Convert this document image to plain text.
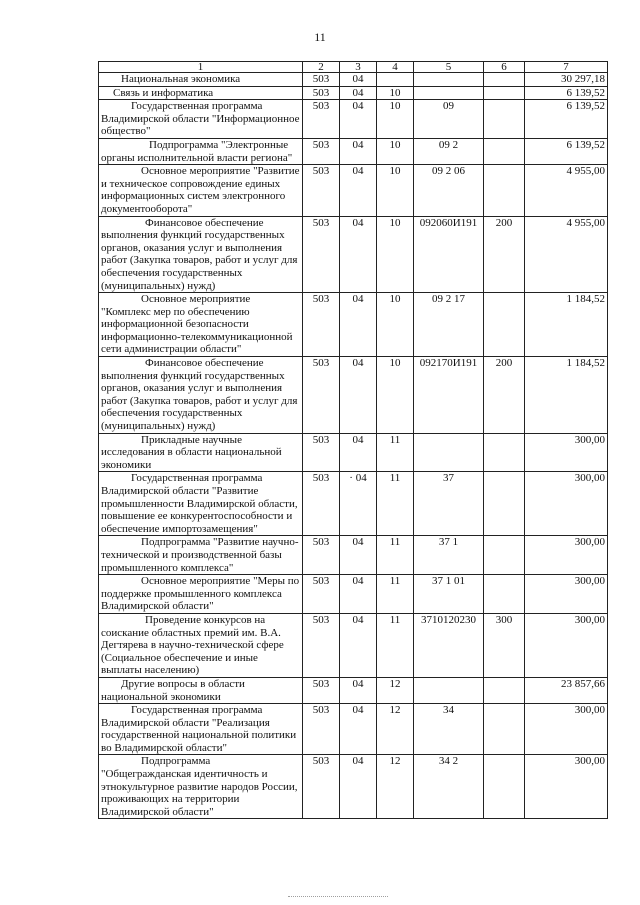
11
1	2	3	4	5	6	7
Национальная экономика	503	04				30 297,18
Связь и информатика	503	04	10			6 139,52
Государственная программа Владимирской области "Информационное общество"	503	04	10	09		6 139,52
Подпрограмма "Электронные органы исполнительной власти региона"	503	04	10	09 2		6 139,52
Основное мероприятие "Развитие и техническое сопровождение единых информационных систем электронного документооборота"	503	04	10	09 2 06		4 955,00
Финансовое обеспечение выполнения функций государственных органов, оказания услуг и выполнения работ (Закупка товаров, работ и услуг для обеспечения государственных (муниципальных) нужд)	503	04	10	092060И191	200	4 955,00
Основное мероприятие "Комплекс мер по обеспечению информационной безопасности информационно-телекоммуникационной сети администрации области"	503	04	10	09 2 17		1 184,52
Финансовое обеспечение выполнения функций государственных органов, оказания услуг и выполнения работ (Закупка товаров, работ и услуг для обеспечения государственных (муниципальных) нужд)	503	04	10	092170И191	200	1 184,52
Прикладные научные исследования в области национальной экономики	503	04	11			300,00
Государственная программа Владимирской области "Развитие промышленности Владимирской области, повышение ее конкурентоспособности и обеспечение импортозамещения"	503	· 04	11	37		300,00
Подпрограмма "Развитие научно-технической и производственной базы промышленного комплекса"	503	04	11	37 1		300,00
Основное мероприятие "Меры по поддержке промышленного комплекса Владимирской области"	503	04	11	37 1 01		300,00
Проведение конкурсов на соискание областных премий им. В.А. Дегтярева в научно-технической сфере (Социальное обеспечение и иные выплаты населению)	503	04	11	3710120230	300	300,00
Другие вопросы в области национальной экономики	503	04	12			23 857,66
Государственная программа Владимирской области "Реализация государственной национальной политики во Владимирской области"	503	04	12	34		300,00
Подпрограмма "Общегражданская идентичность и этнокультурное развитие народов России, проживающих на территории Владимирской области"	503	04	12	34 2		300,00
